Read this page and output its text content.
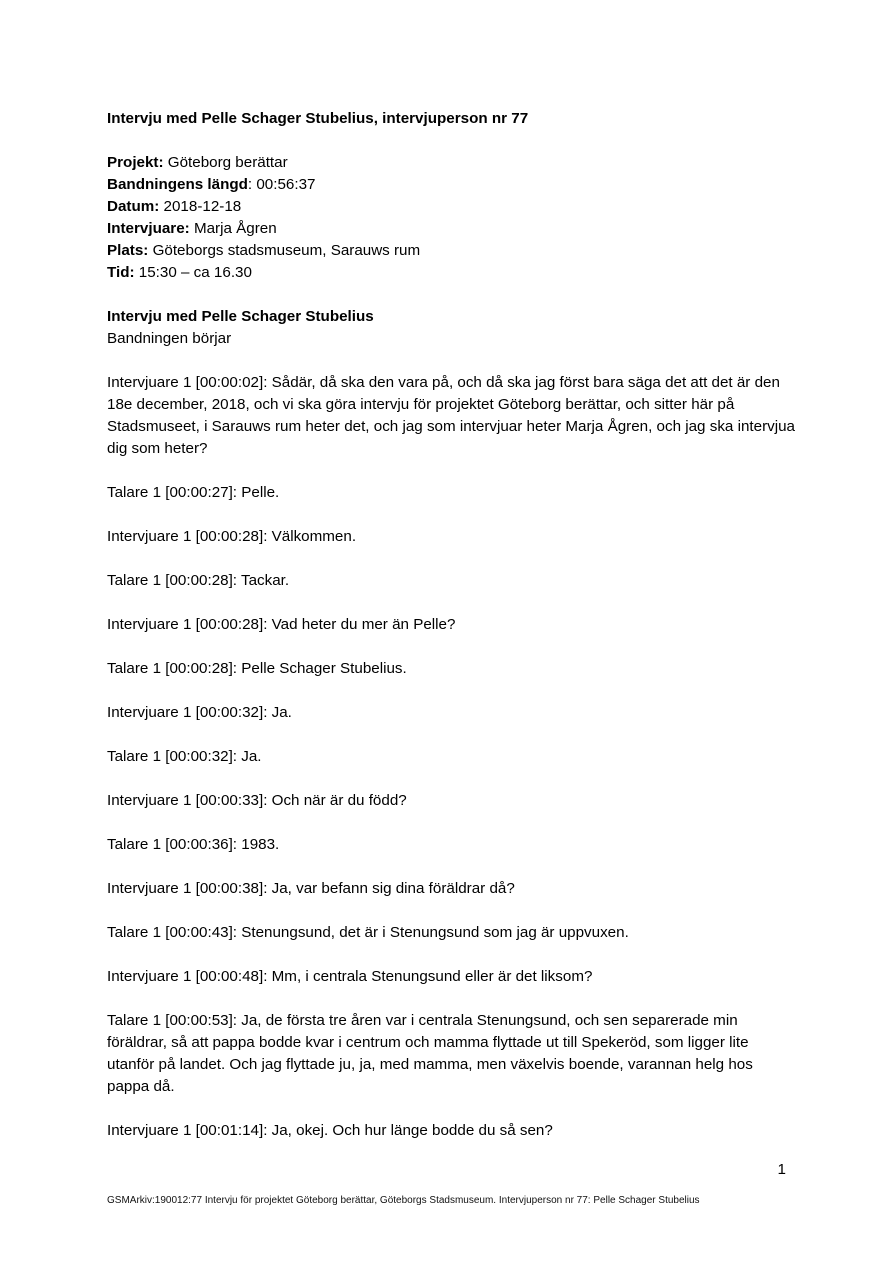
Intervju med Pelle Schager Stubelius, intervjuperson nr 77

Projekt: Göteborg berättar
Bandningens längd: 00:56:37
Datum: 2018-12-18
Intervjuare: Marja Ågren
Plats: Göteborgs stadsmuseum, Sarauws rum
Tid: 15:30 – ca 16.30
Intervju med Pelle Schager Stubelius

Bandningen börjar

Intervjuare 1 [00:00:02]: Sådär, då ska den vara på, och då ska jag först bara säga det att det är den 18e december, 2018, och vi ska göra intervju för projektet Göteborg berättar, och sitter här på Stadsmuseet, i Sarauws rum heter det, och jag som intervjuar heter Marja Ågren, och jag ska intervjua dig som heter?

Talare 1 [00:00:27]: Pelle.

Intervjuare 1 [00:00:28]: Välkommen.

Talare 1 [00:00:28]: Tackar.

Intervjuare 1 [00:00:28]: Vad heter du mer än Pelle?

Talare 1 [00:00:28]: Pelle Schager Stubelius.

Intervjuare 1 [00:00:32]: Ja.

Talare 1 [00:00:32]: Ja.

Intervjuare 1 [00:00:33]: Och när är du född?

Talare 1 [00:00:36]: 1983.

Intervjuare 1 [00:00:38]: Ja, var befann sig dina föräldrar då?

Talare 1 [00:00:43]: Stenungsund, det är i Stenungsund som jag är uppvuxen.

Intervjuare 1 [00:00:48]: Mm, i centrala Stenungsund eller är det liksom?

Talare 1 [00:00:53]: Ja, de första tre åren var i centrala Stenungsund, och sen separerade min föräldrar, så att pappa bodde kvar i centrum och mamma flyttade ut till Spekeröd, som ligger lite utanför på landet. Och jag flyttade ju, ja, med mamma, men växelvis boende, varannan helg hos pappa då.

Intervjuare 1 [00:01:14]: Ja, okej. Och hur länge bodde du så sen?

1
GSMArkiv:190012:77 Intervju för projektet Göteborg berättar, Göteborgs Stadsmuseum. Intervjuperson nr 77: Pelle Schager Stubelius
